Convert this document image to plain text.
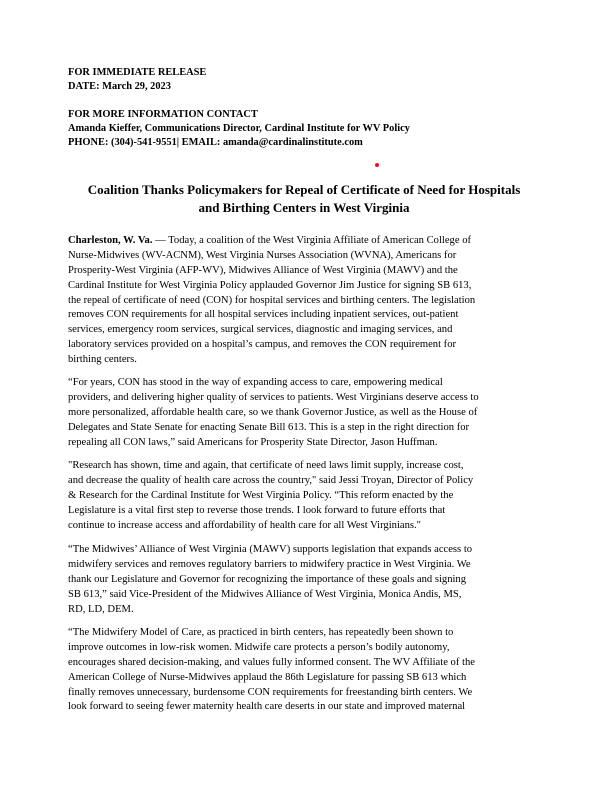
FOR IMMEDIATE RELEASE
DATE: March 29, 2023
FOR MORE INFORMATION CONTACT
Amanda Kieffer, Communications Director, Cardinal Institute for WV Policy
PHONE: (304)-541-9551| EMAIL: amanda@cardinalinstitute.com
Coalition Thanks Policymakers for Repeal of Certificate of Need for Hospitals
and Birthing Centers in West Virginia
Charleston, W. Va. — Today, a coalition of the West Virginia Affiliate of American College of
Nurse-Midwives (WV-ACNM), West Virginia Nurses Association (WVNA), Americans for
Prosperity-West Virginia (AFP-WV), Midwives Alliance of West Virginia (MAWV) and the
Cardinal Institute for West Virginia Policy applauded Governor Jim Justice for signing SB 613,
the repeal of certificate of need (CON) for hospital services and birthing centers. The legislation
removes CON requirements for all hospital services including inpatient services, out-patient
services, emergency room services, surgical services, diagnostic and imaging services, and
laboratory services provided on a hospital’s campus, and removes the CON requirement for
birthing centers.
“For years, CON has stood in the way of expanding access to care, empowering medical
providers, and delivering higher quality of services to patients. West Virginians deserve access to
more personalized, affordable health care, so we thank Governor Justice, as well as the House of
Delegates and State Senate for enacting Senate Bill 613. This is a step in the right direction for
repealing all CON laws,” said Americans for Prosperity State Director, Jason Huffman.
"Research has shown, time and again, that certificate of need laws limit supply, increase cost,
and decrease the quality of health care across the country," said Jessi Troyan, Director of Policy
& Research for the Cardinal Institute for West Virginia Policy. “This reform enacted by the
Legislature is a vital first step to reverse those trends. I look forward to future efforts that
continue to increase access and affordability of health care for all West Virginians."
“The Midwives’ Alliance of West Virginia (MAWV) supports legislation that expands access to
midwifery services and removes regulatory barriers to midwifery practice in West Virginia. We
thank our Legislature and Governor for recognizing the importance of these goals and signing
SB 613,” said Vice-President of the Midwives Alliance of West Virginia, Monica Andis, MS,
RD, LD, DEM.
“The Midwifery Model of Care, as practiced in birth centers, has repeatedly been shown to
improve outcomes in low-risk women. Midwife care protects a person’s bodily autonomy,
encourages shared decision-making, and values fully informed consent. The WV Affiliate of the
American College of Nurse-Midwives applaud the 86th Legislature for passing SB 613 which
finally removes unnecessary, burdensome CON requirements for freestanding birth centers. We
look forward to seeing fewer maternity health care deserts in our state and improved maternal
